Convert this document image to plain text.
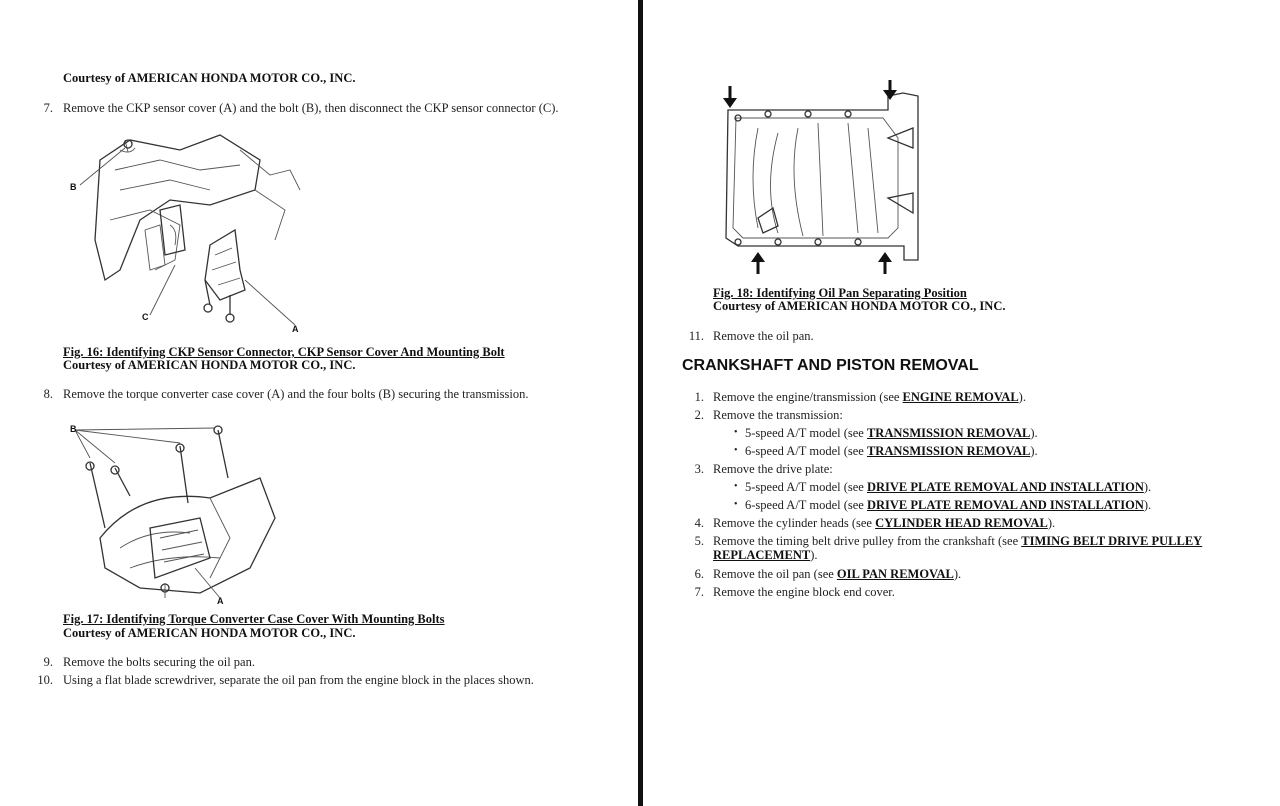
Courtesy of AMERICAN HONDA MOTOR CO., INC.
7. Remove the CKP sensor cover (A) and the bolt (B), then disconnect the CKP sensor connector (C).
B
C
A
Fig. 16: Identifying CKP Sensor Connector, CKP Sensor Cover And Mounting Bolt
Courtesy of AMERICAN HONDA MOTOR CO., INC.
8. Remove the torque converter case cover (A) and the four bolts (B) securing the transmission.
B
A
Fig. 17: Identifying Torque Converter Case Cover With Mounting Bolts
Courtesy of AMERICAN HONDA MOTOR CO., INC.
9. Remove the bolts securing the oil pan.
10. Using a flat blade screwdriver, separate the oil pan from the engine block in the places shown.
Fig. 18: Identifying Oil Pan Separating Position
Courtesy of AMERICAN HONDA MOTOR CO., INC.
11. Remove the oil pan.
CRANKSHAFT AND PISTON REMOVAL
1. Remove the engine/transmission (see ENGINE REMOVAL).
2. Remove the transmission:
• 5-speed A/T model (see TRANSMISSION REMOVAL).
• 6-speed A/T model (see TRANSMISSION REMOVAL).
3. Remove the drive plate:
• 5-speed A/T model (see DRIVE PLATE REMOVAL AND INSTALLATION).
• 6-speed A/T model (see DRIVE PLATE REMOVAL AND INSTALLATION).
4. Remove the cylinder heads (see CYLINDER HEAD REMOVAL).
5. Remove the timing belt drive pulley from the crankshaft (see TIMING BELT DRIVE PULLEY
REPLACEMENT).
6. Remove the oil pan (see OIL PAN REMOVAL).
7. Remove the engine block end cover.
